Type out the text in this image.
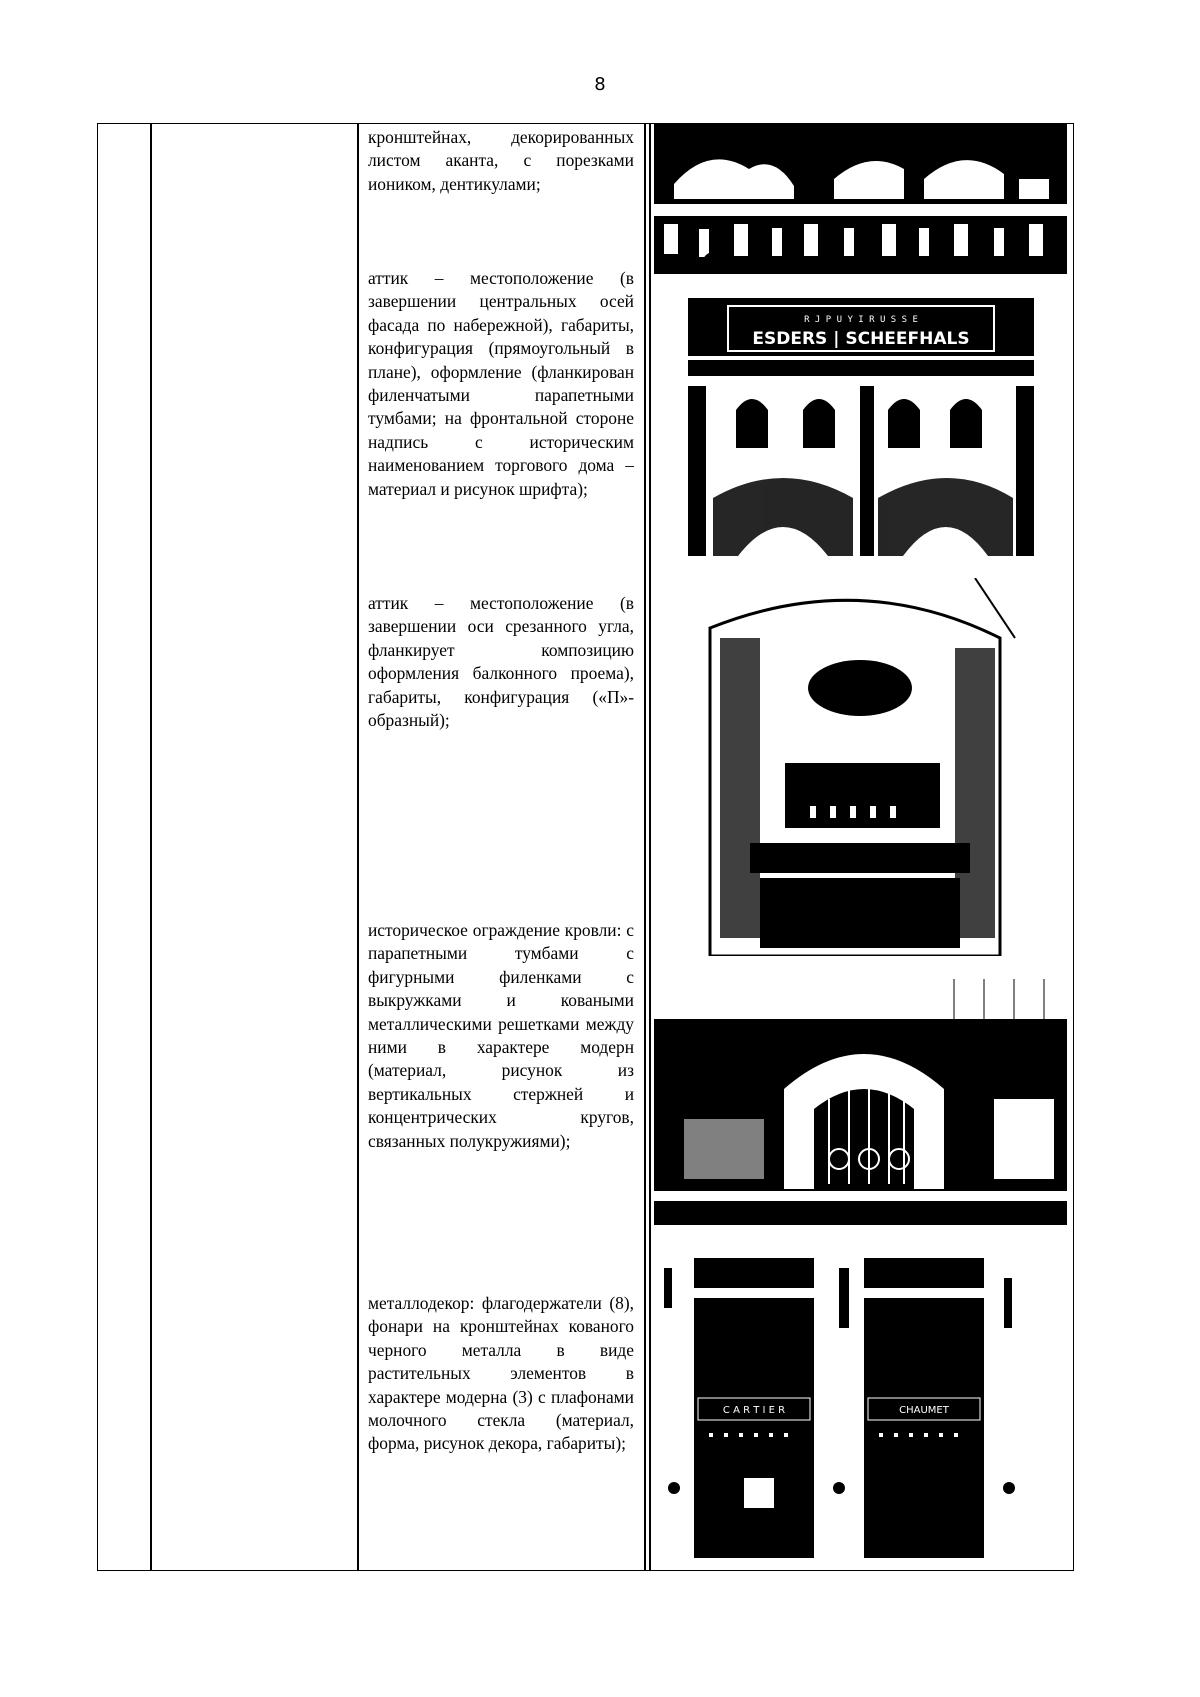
8
кронштейнах, декорированных листом аканта, с порезками иоником, дентикулами;
аттик – местоположение (в завершении центральных осей фасада по набережной), габариты, конфигурация (прямоугольный в плане), оформление (фланкирован филенчатыми парапетными тумбами; на фронтальной стороне надпись с историческим наименованием торгового дома – материал и рисунок шрифта);
аттик – местоположение (в завершении оси срезанного угла, фланкирует композицию оформления балконного проема), габариты, конфигурация («П»-образный);
историческое ограждение кровли: с парапетными тумбами с фигурными филенками с выкружками и коваными металлическими решетками между ними в характере модерн (материал, рисунок из вертикальных стержней и концентрических кругов, связанных полукружиями);
металлодекор: флагодержатели (8), фонари на кронштейнах кованого черного металла в виде растительных элементов в характере модерна (3) с плафонами молочного стекла (материал, форма, рисунок декора, габариты);
R J P U Y I R U S S E
ESDERS | SCHEEFHALS
C A R T I E R	CHAUMET
